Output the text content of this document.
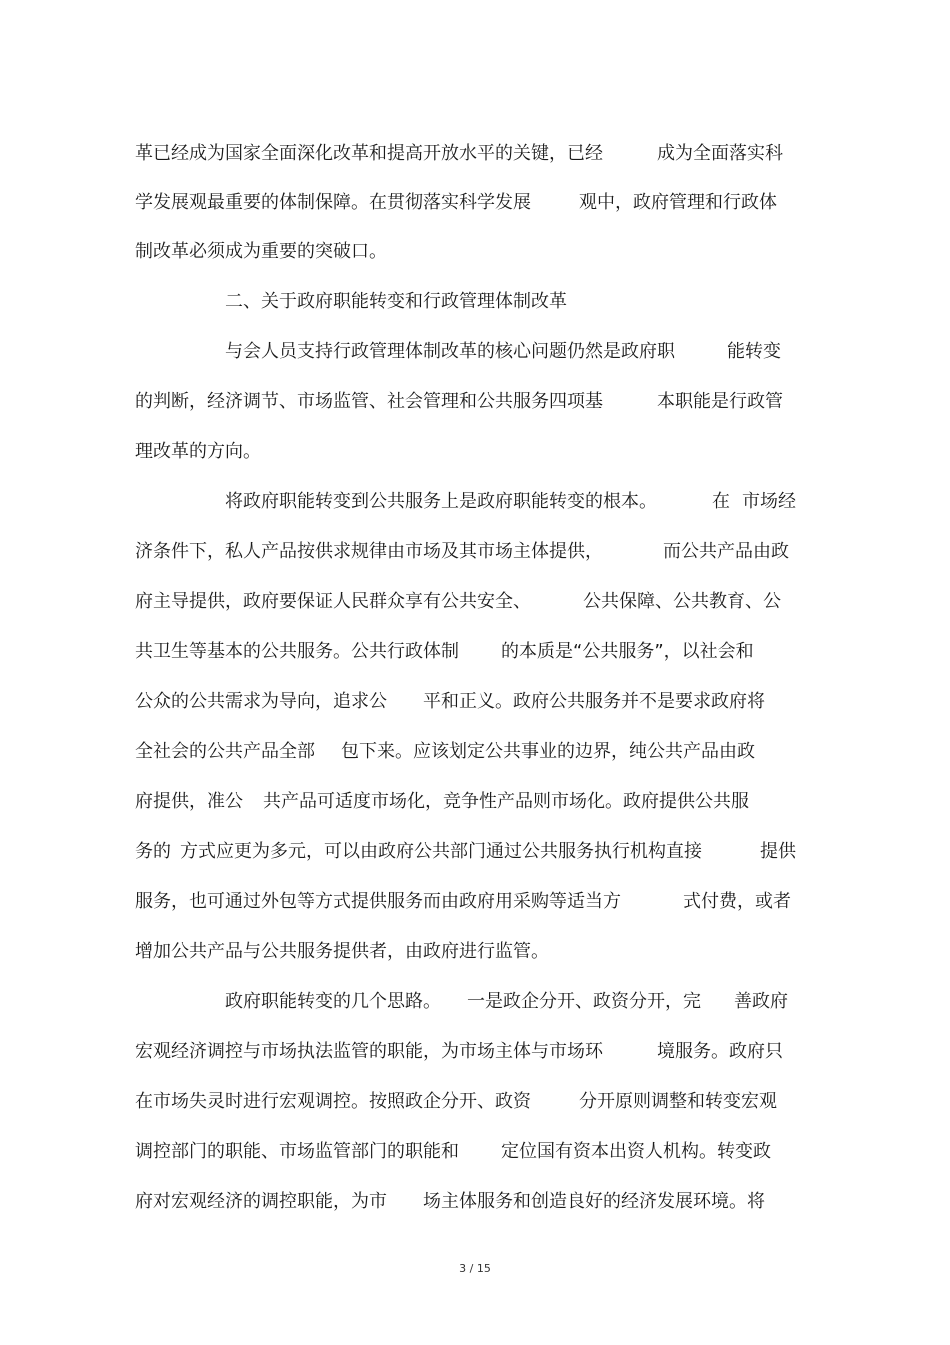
革已经成为国家全面深化改革和提高开放水平的关键，已经

	成为全面落实科

学发展观最重要的体制保障。在贯彻落实科学发展

	观中，政府管理和行政体

制改革必须成为重要的突破口。

二、关于政府职能转变和行政管理体制改革

与会人员支持行政管理体制改革的核心问题仍然是政府职

	能转变

的判断，经济调节、市场监管、社会管理和公共服务四项基

	本职能是行政管

理改革的方向。

将政府职能转变到公共服务上是政府职能转变的根本。

	在

市场经

济条件下，私人产品按供求规律由市场及其市场主体提供，

	而公共产品由政

府主导提供，政府要保证人民群众享有公共安全、

	公共保障、公共教育、公

共卫生等基本的公共服务。公共行政体制

的本质是“公共服务”，以社会和

公众的公共需求为导向，追求公

平和正义。政府公共服务并不是要求政府将

全社会的公共产品全部

包下来。应该划定公共事业的边界，纯公共产品由政

府提供，准公

共产品可适度市场化，竞争性产品则市场化。政府提供公共服

务的

方式应更为多元，可以由政府公共部门通过公共服务执行机构直接

	提供

服务，也可通过外包等方式提供服务而由政府用采购等适当方

	式付费，或者

增加公共产品与公共服务提供者，由政府进行监管。

政府职能转变的几个思路。

一是政企分开、政资分开，完

善政府

宏观经济调控与市场执法监管的职能，为市场主体与市场环

	境服务。政府只

在市场失灵时进行宏观调控。按照政企分开、政资

	分开原则调整和转变宏观

调控部门的职能、市场监管部门的职能和

定位国有资本出资人机构。转变政

府对宏观经济的调控职能，为市

场主体服务和创造良好的经济发展环境。将

3 / 15
